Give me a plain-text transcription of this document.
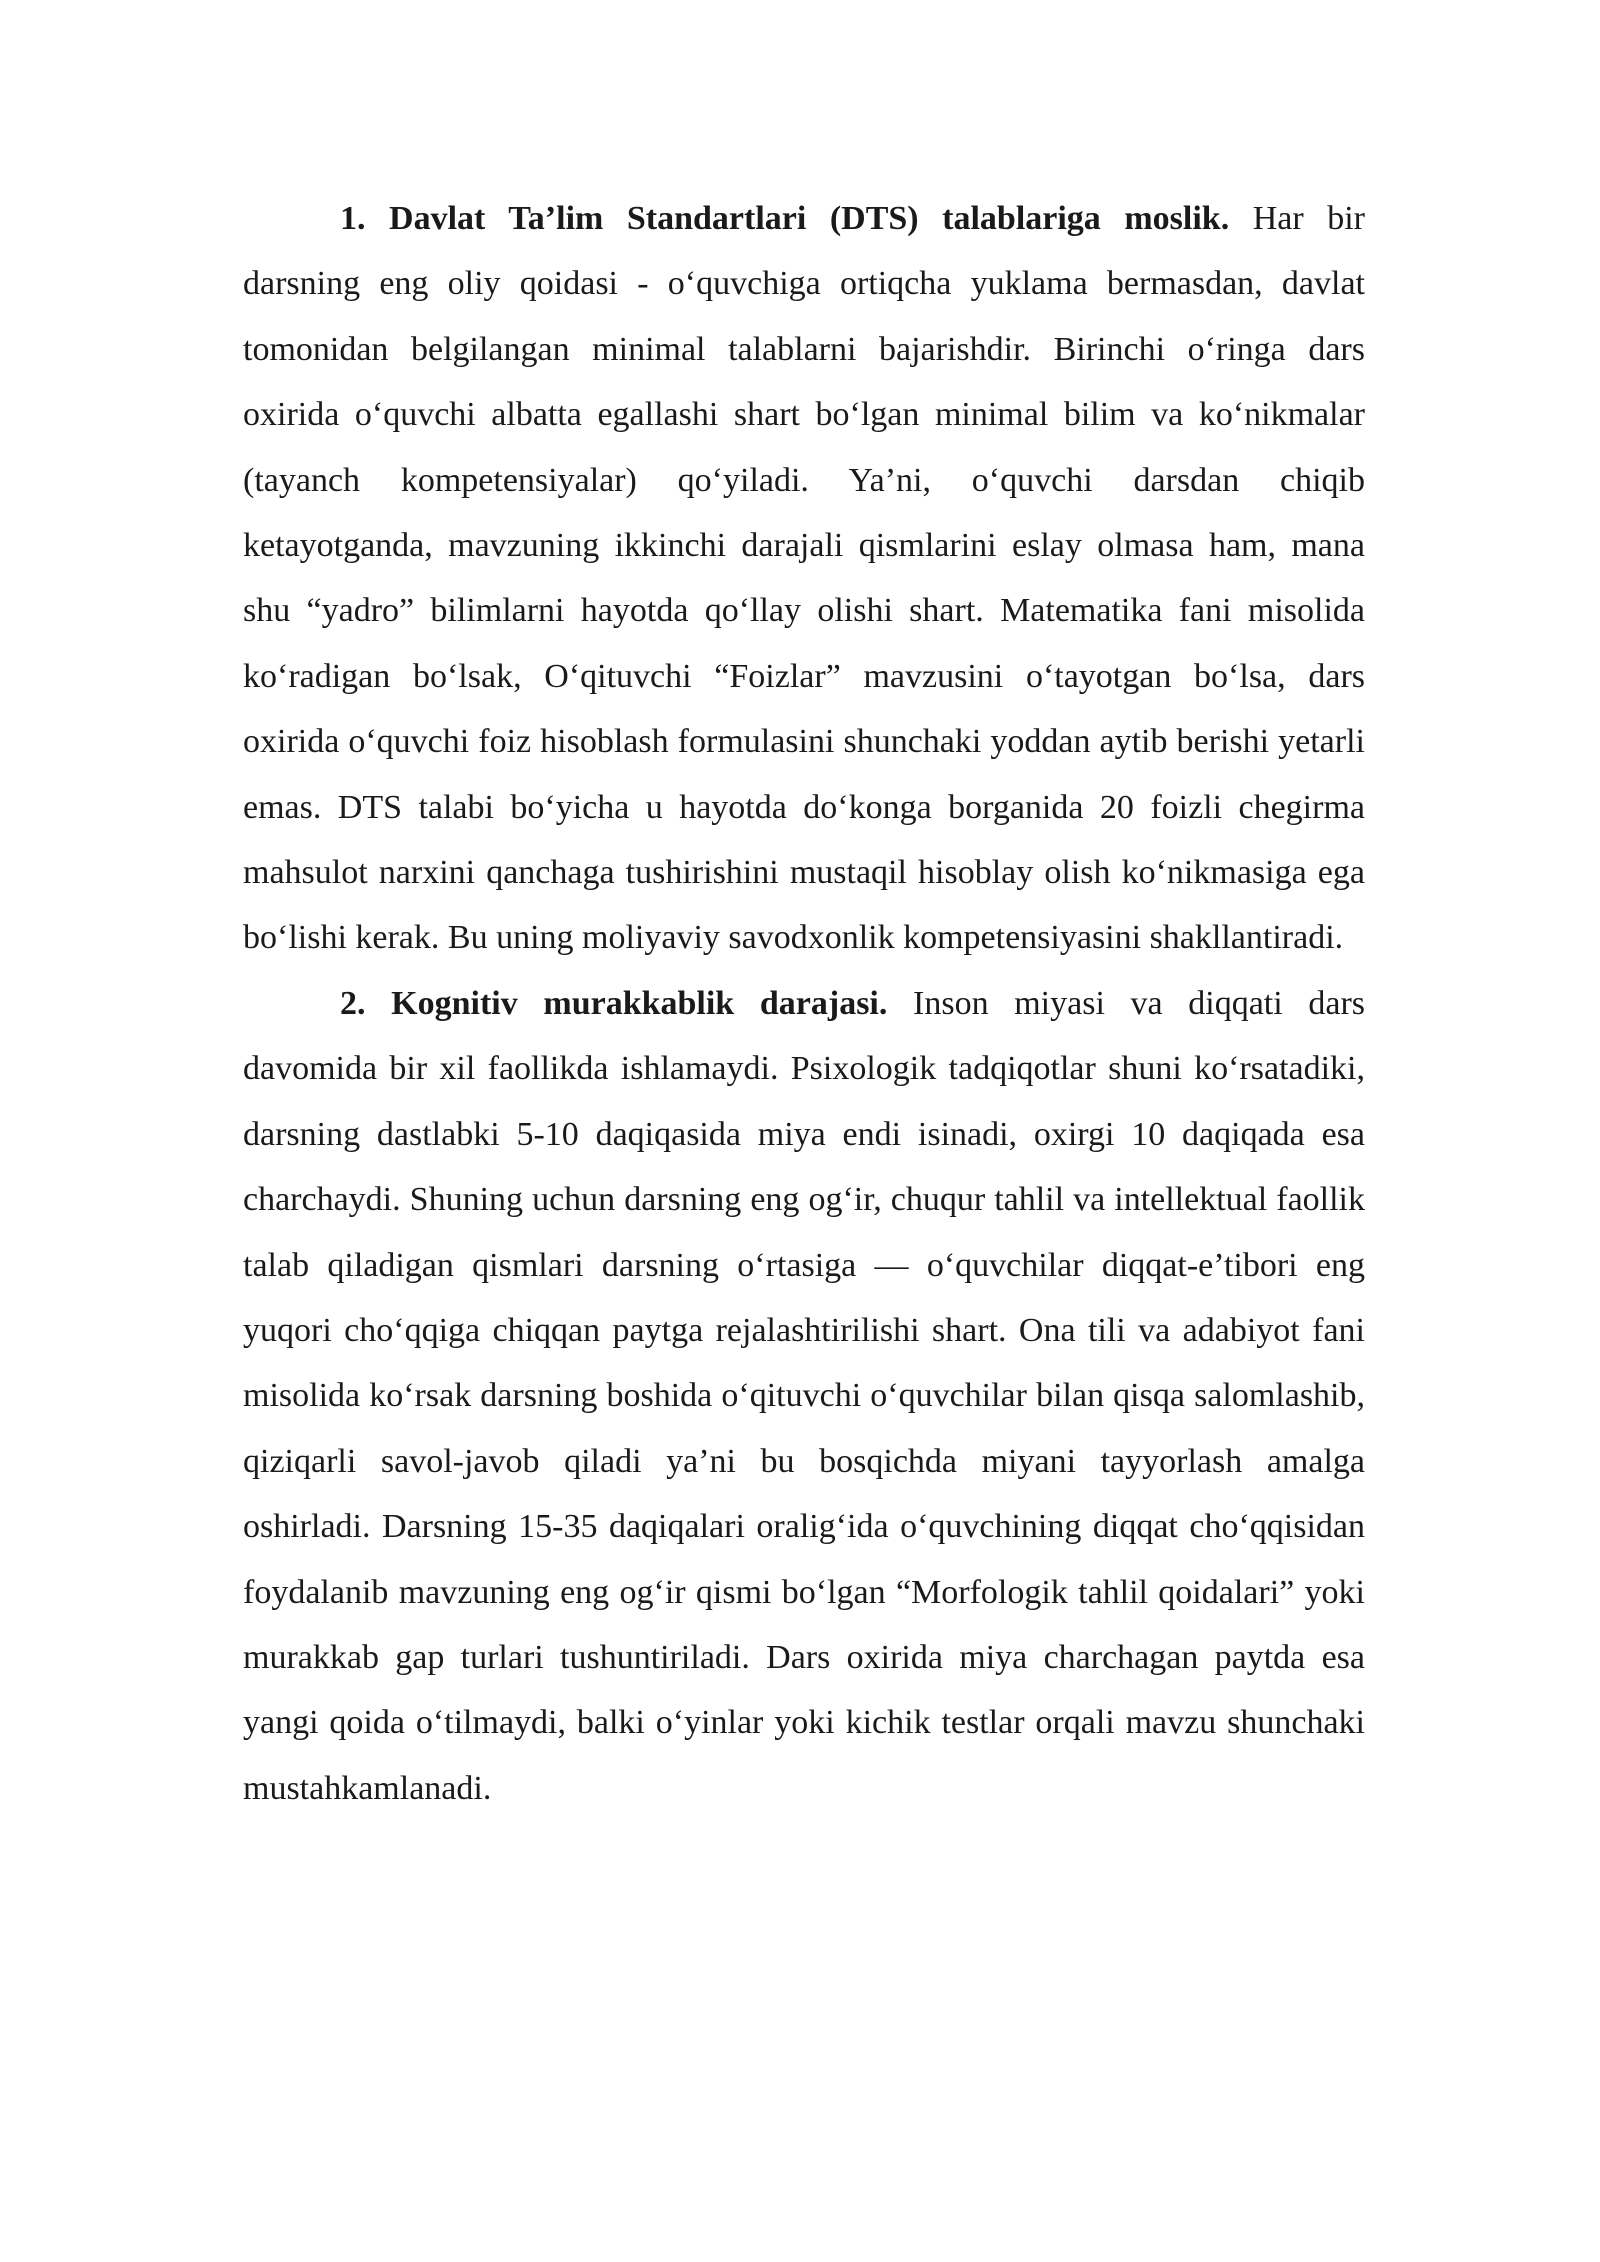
1. Davlat Ta’lim Standartlari (DTS) talablariga moslik. Har bir darsning eng oliy qoidasi - o‘quvchiga ortiqcha yuklama bermasdan, davlat tomonidan belgilangan minimal talablarni bajarishdir. Birinchi o‘ringa dars oxirida o‘quvchi albatta egallashi shart bo‘lgan minimal bilim va ko‘nikmalar (tayanch kompetensiyalar) qo‘yiladi. Ya’ni, o‘quvchi darsdan chiqib ketayotganda, mavzuning ikkinchi darajali qismlarini eslay olmasa ham, mana shu “yadro” bilimlarni hayotda qo‘llay olishi shart. Matematika fani misolida ko‘radigan bo‘lsak, O‘qituvchi “Foizlar” mavzusini o‘tayotgan bo‘lsa, dars oxirida o‘quvchi foiz hisoblash formulasini shunchaki yoddan aytib berishi yetarli emas. DTS talabi bo‘yicha u hayotda do‘konga borganida 20 foizli chegirma mahsulot narxini qanchaga tushirishini mustaqil hisoblay olish ko‘nikmasiga ega bo‘lishi kerak. Bu uning moliyaviy savodxonlik kompetensiyasini shakllantiradi.

2. Kognitiv murakkablik darajasi. Inson miyasi va diqqati dars davomida bir xil faollikda ishlamaydi. Psixologik tadqiqotlar shuni ko‘rsatadiki, darsning dastlabki 5-10 daqiqasida miya endi isinadi, oxirgi 10 daqiqada esa charchaydi. Shuning uchun darsning eng og‘ir, chuqur tahlil va intellektual faollik talab qiladigan qismlari darsning o‘rtasiga — o‘quvchilar diqqat-e’tibori eng yuqori cho‘qqiga chiqqan paytga rejalashtirilishi shart. Ona tili va adabiyot fani misolida ko‘rsak darsning boshida o‘qituvchi o‘quvchilar bilan qisqa salomlashib, qiziqarli savol-javob qiladi ya’ni bu bosqichda miyani tayyorlash amalga oshirladi. Darsning 15-35 daqiqalari oralig‘ida o‘quvchining diqqat cho‘qqisidan foydalanib mavzuning eng og‘ir qismi bo‘lgan “Morfologik tahlil qoidalari” yoki murakkab gap turlari tushuntiriladi. Dars oxirida miya charchagan paytda esa yangi qoida o‘tilmaydi, balki o‘yinlar yoki kichik testlar orqali mavzu shunchaki mustahkamlanadi.
